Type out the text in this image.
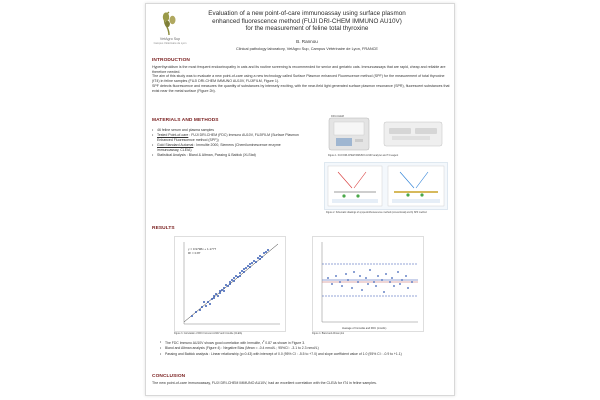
VetAgro Sup
Campus Vétérinaire de Lyon
Evaluation of a new point-of-care immunoassay using surface plasmon
enhanced fluorescence method (FUJI DRI-CHEM IMMUNO AU10V)
for the measurement of feline total thyroxine
B. Rannou
Clinical pathology laboratory, VetAgro Sup, Campus Vétérinaire de Lyon, FRANCE
INTRODUCTION

Hyperthyroidism is the most frequent endocrinopathy in cats and its routine screening is recommended for senior and geriatric cats. Immunoassays that are rapid, cheap and reliable are therefore needed.

The aim of this study was to evaluate a new point-of-care using a new technology called Surface Plasmon enhanced Fluorescence method (SPF) for the measurement of total thyroxine (tT4) in feline samples (FUJI DRI-CHEM IMMUNO AU10V, FUJIFILM, Figure 1).

SPF detects fluorescence and measures the quantity of substances by intensely exciting, with the near-field light generated surface plasmon resonance (SPR), fluorescent substances that exist near the metal surface (Figure 2b).

MATERIALS AND METHODS
• 46 feline serum and plasma samples
• Tested Point-of-care : FUJI DRI-CHEM (FDC) Immuno AU10V, FUJIFILM (Surface Plasmon Enhanced Fluorescence method (SPF))
• Gold Standard Automat : Immulite 2000, Siemens (Chemiluminescence enzyme immunoassay, CLEIA)
• Statistical Analysis : Bland & Altman, Passing & Bablok (XLStat)
DRI-CHEM
Figure 1. FUJI DRI-CHEM IMMUNO AU10V analyzer and T4 reagent
Figure 2. Schematic drawings of a) spectrofluorescence method (conventional) and b) SPF method
RESULTS
y = 0.9798x + 1.1777
R² = 0.87
Figure 3. Correlation of FDC Immuno AU10V and Immulite (CLEIA)
Average of Immulite and FDC (nmol/L)
Figure 4. Bland and Altman plot
• The FDC Immuno AU10V shows good correlation with Immulite, $r^2$ 0.87 as shown in Figure 3.
• Bland and Altman analysis (Figure 4) : Negative Bias (Mean = -0.4 nmol/L ; 95%CI : -3.1 to 2.3 nmol/L)
• Passing and Bablok analysis : Linear relationship (p=0.43) with intercept of 0.0 (95% CI : -5.5 to +7.0) and slope coefficient value of 1.0 (95% CI : -0.9 to +1.1)
CONCLUSION
The new point-of-care immunoassay, FUJI DRI-CHEM IMMUNO AU10V, had an excellent correlation with the CLEIA for tT4 in feline samples.
